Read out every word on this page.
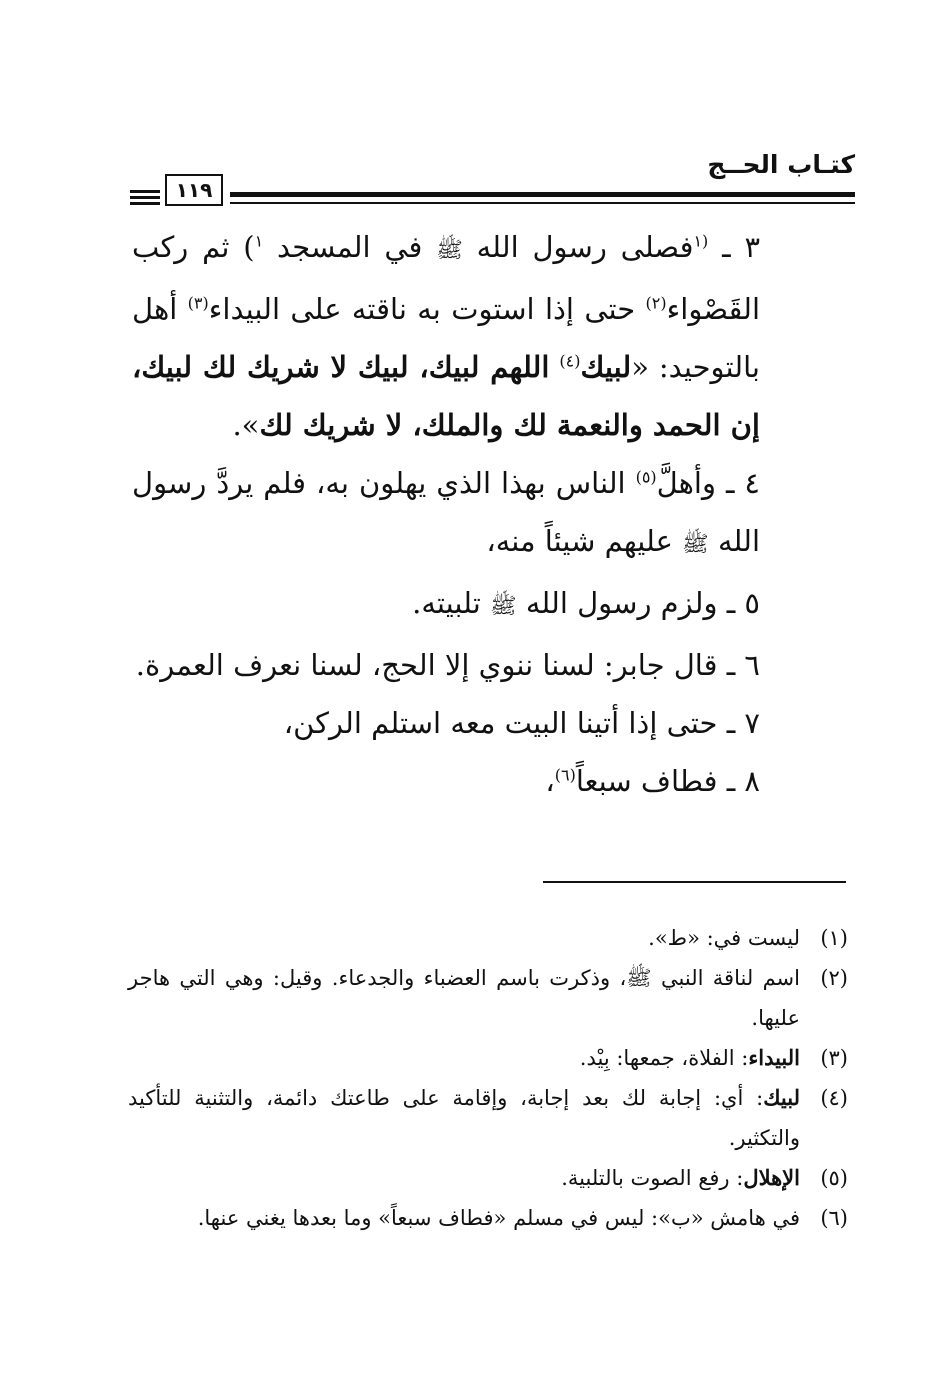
كتـاب الحــج
١١٩

٣ ـ $^{(١}$فصلى رسول الله ﷺ في المسجد $^١$) ثم ركب القَصْواء$^{(٢)}$ حتى إذا استوت به ناقته على البيداء$^{(٣)}$ أهل بالتوحيد: «لبيك$^{(٤)}$ اللهم لبيك، لبيك لا شريك لك لبيك، إن الحمد والنعمة لك والملك، لا شريك لك».

٤ ـ وأهلَّ$^{(٥)}$ الناس بهذا الذي يهلون به، فلم يردَّ رسول الله ﷺ عليهم شيئاً منه،

٥ ـ ولزم رسول الله ﷺ تلبيته.

٦ ـ قال جابر: لسنا ننوي إلا الحج، لسنا نعرف العمرة.

٧ ـ حتى إذا أتينا البيت معه استلم الركن،

٨ ـ فطاف سبعاً$^{(٦)}$،

(١)
ليست في: «ط».
(٢)
اسم لناقة النبي ﷺ، وذكرت باسم العضباء والجدعاء. وقيل: وهي التي هاجر عليها.
(٣)
البيداء: الفلاة، جمعها: بِيْد.
(٤)
لبيك: أي: إجابة لك بعد إجابة، وإقامة على طاعتك دائمة، والتثنية للتأكيد والتكثير.
(٥)
الإهلال: رفع الصوت بالتلبية.
(٦)
في هامش «ب»: ليس في مسلم «فطاف سبعاً» وما بعدها يغني عنها.
